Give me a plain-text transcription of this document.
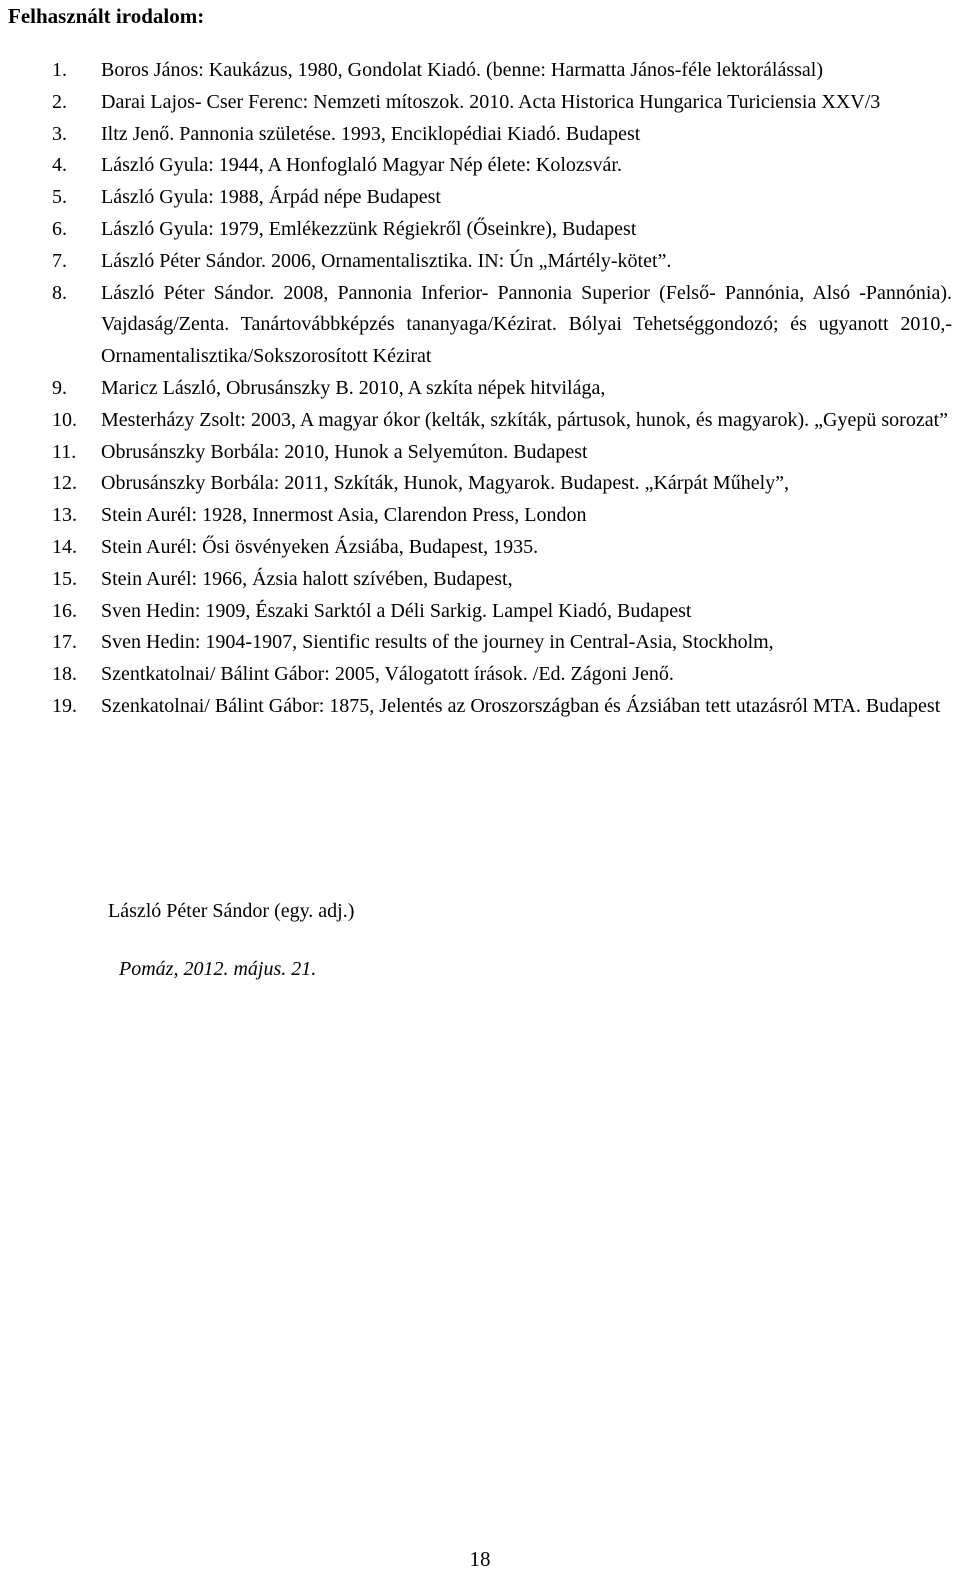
Felhasznált irodalom:
1.	Boros János: Kaukázus, 1980, Gondolat Kiadó. (benne: Harmatta János-féle lektorálással)
2.	Darai Lajos- Cser Ferenc: Nemzeti mítoszok. 2010. Acta Historica Hungarica Turiciensia XXV/3
3.	Iltz Jenő. Pannonia születése. 1993, Enciklopédiai Kiadó. Budapest
4.	László Gyula: 1944, A Honfoglaló Magyar Nép élete: Kolozsvár.
5.	László Gyula: 1988, Árpád népe Budapest
6.	László Gyula: 1979, Emlékezzünk Régiekről (Őseinkre), Budapest
7.	László Péter Sándor. 2006, Ornamentalisztika. IN: Ún „Mártély-kötet”.
8.	László Péter Sándor. 2008, Pannonia Inferior- Pannonia Superior (Felső- Pannónia, Alsó -Pannónia). Vajdaság/Zenta. Tanártovábbképzés tananyaga/Kézirat. Bólyai Tehetséggondozó; és ugyanott 2010,- Ornamentalisztika/Sokszorosított Kézirat
9.	Maricz László, Obrusánszky B. 2010, A szkíta népek hitvilága,
10.	Mesterházy Zsolt: 2003, A magyar ókor (kelták, szkíták, pártusok, hunok, és magyarok). „Gyepü sorozat”
11.	Obrusánszky Borbála: 2010, Hunok a Selyemúton. Budapest
12.	Obrusánszky Borbála: 2011, Szkíták, Hunok, Magyarok. Budapest. „Kárpát Műhely”,
13.	Stein Aurél: 1928, Innermost Asia, Clarendon Press, London
14.	Stein Aurél: Ősi ösvényeken Ázsiába, Budapest, 1935.
15.	Stein Aurél: 1966, Ázsia halott szívében, Budapest,
16.	Sven Hedin: 1909, Északi Sarktól a Déli Sarkig. Lampel Kiadó, Budapest
17.	Sven Hedin: 1904-1907, Sientific results of the journey in Central-Asia, Stockholm,
18.	Szentkatolnai/ Bálint Gábor: 2005, Válogatott írások. /Ed. Zágoni Jenő.
19.	Szenkatolnai/ Bálint Gábor: 1875, Jelentés az Oroszországban és Ázsiában tett utazásról MTA. Budapest
László Péter Sándor (egy. adj.)
Pomáz, 2012. május. 21.
18
